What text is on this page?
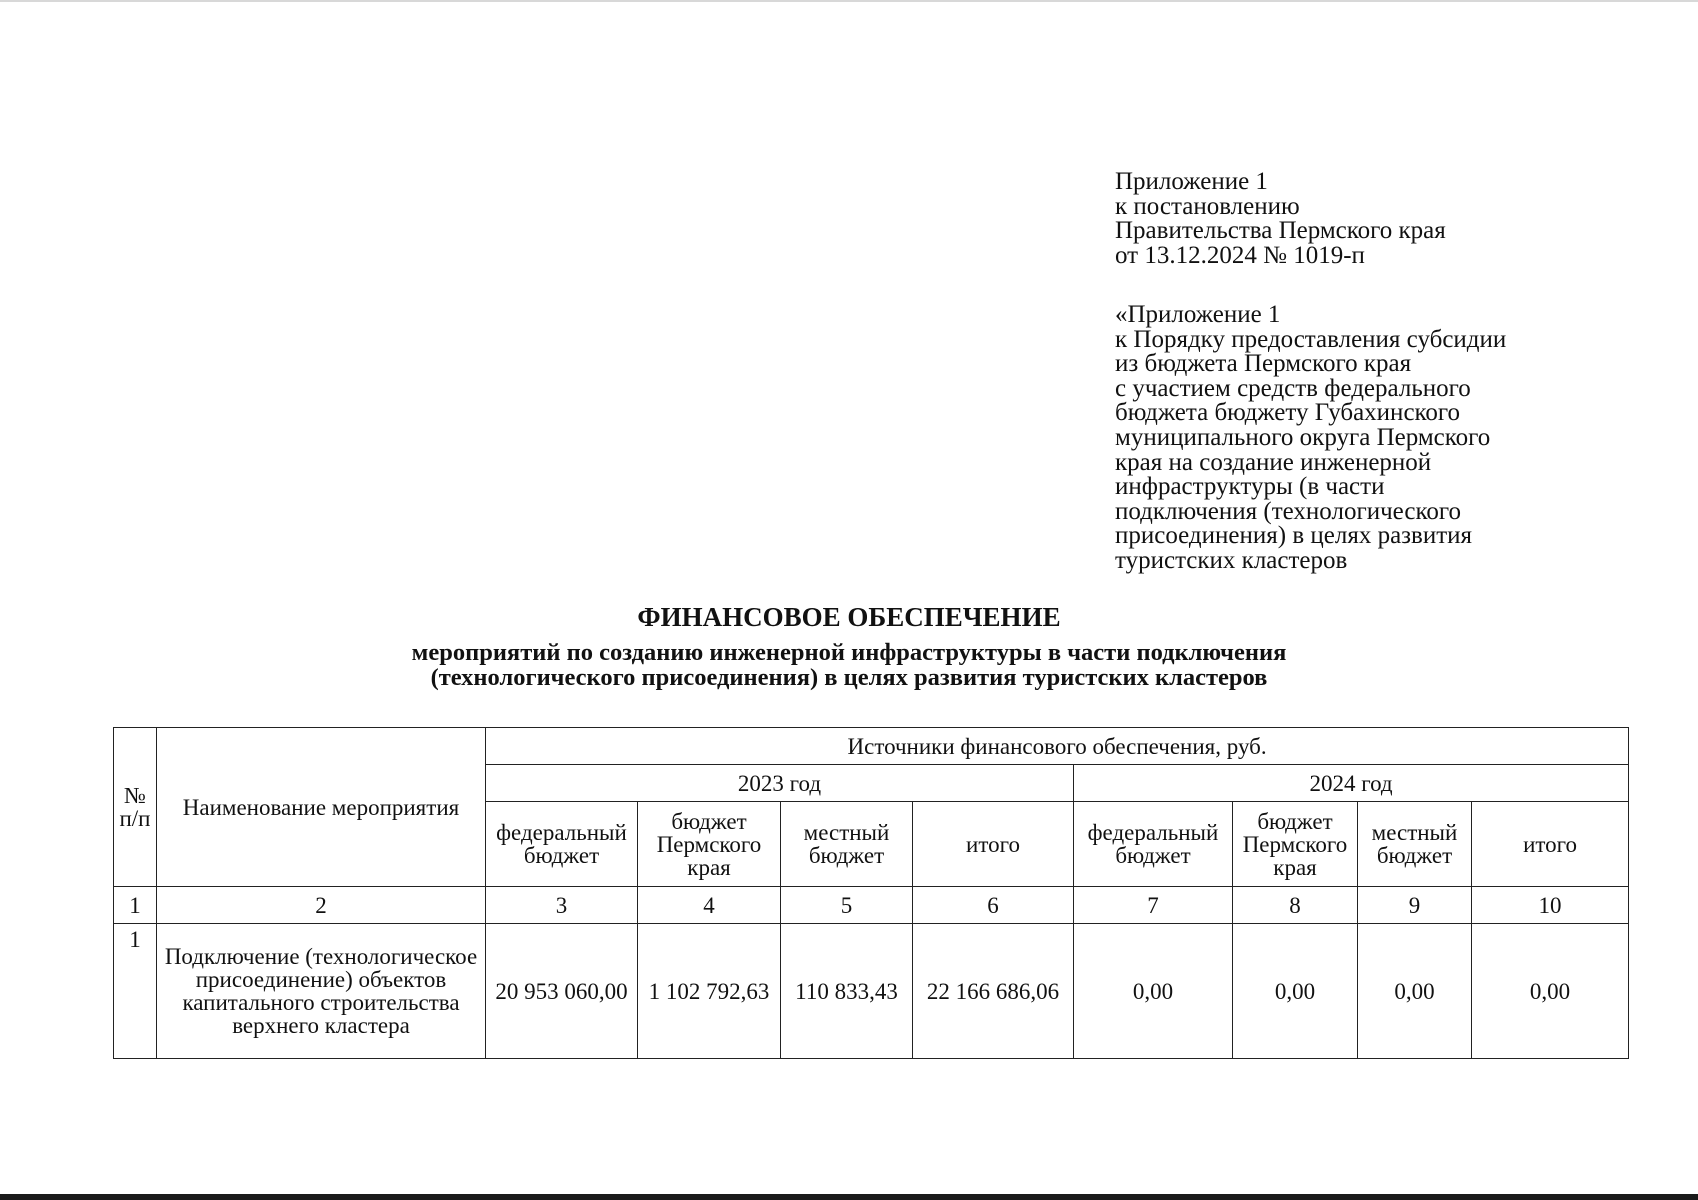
Приложение 1
к постановлению
Правительства Пермского края
от 13.12.2024 № 1019-п
«Приложение 1
к Порядку предоставления субсидии
из бюджета Пермского края
с участием средств федерального
бюджета бюджету Губахинского
муниципального округа Пермского
края на создание инженерной
инфраструктуры (в части
подключения (технологического
присоединения) в целях развития
туристских кластеров
ФИНАНСОВОЕ ОБЕСПЕЧЕНИЕ
мероприятий по созданию инженерной инфраструктуры в части подключения
(технологического присоединения) в целях развития туристских кластеров
№ п/п	Наименование мероприятия	Источники финансового обеспечения, руб.							
		2023 год				2024 год			
		федеральный бюджет	бюджет Пермского края	местный бюджет	итого	федеральный бюджет	бюджет Пермского края	местный бюджет	итого
1	2	3	4	5	6	7	8	9	10
1	Подключение (технологическое присоединение) объектов капитального строительства верхнего кластера	20 953 060,00	1 102 792,63	110 833,43	22 166 686,06	0,00	0,00	0,00	0,00
